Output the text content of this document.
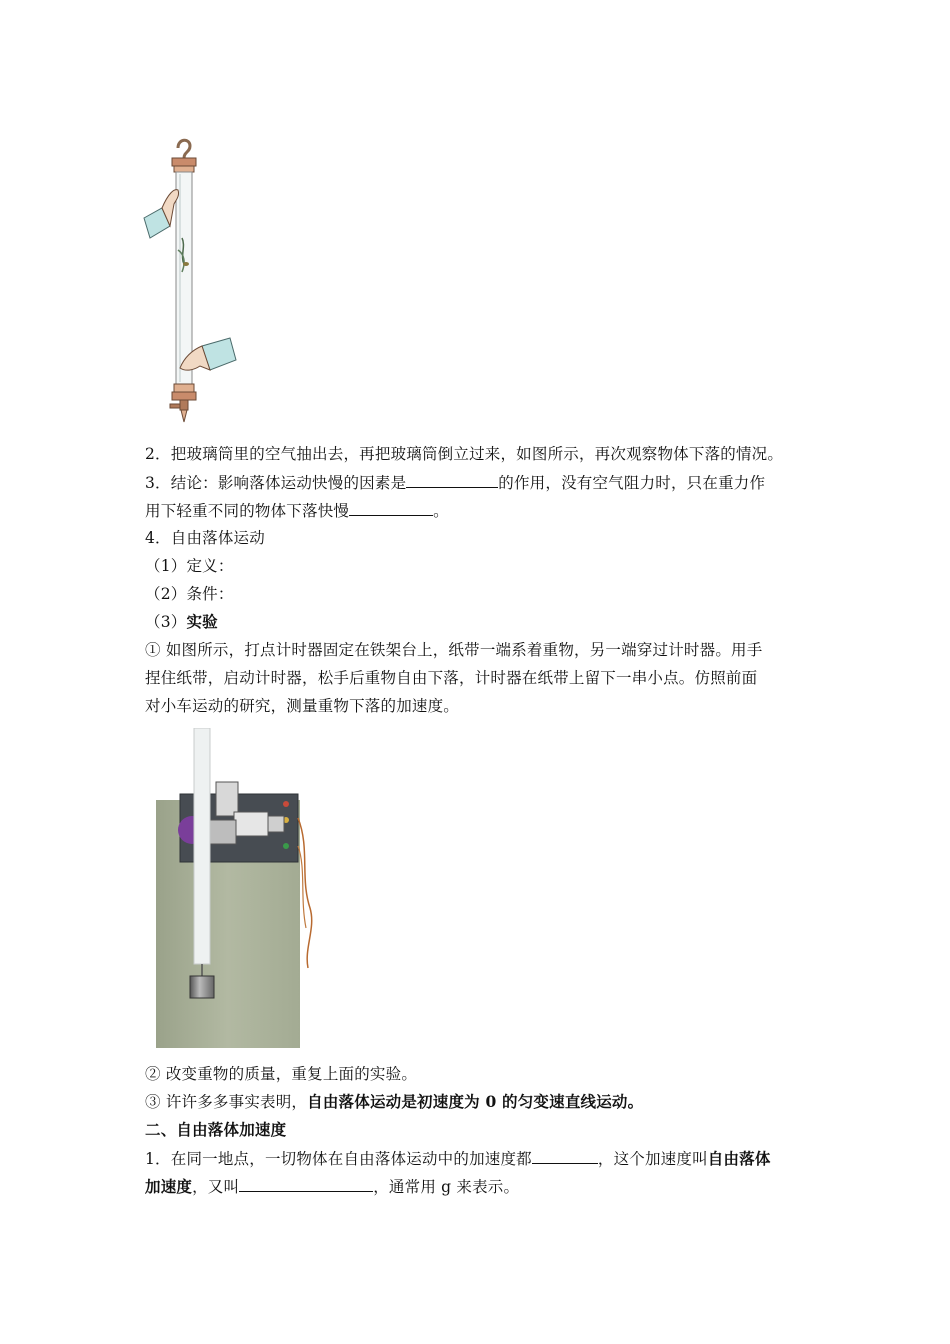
2．把玻璃筒里的空气抽出去，再把玻璃筒倒立过来，如图所示，再次观察物体下落的情况。
3．结论：影响落体运动快慢的因素是	的作用，没有空气阻力时，只在重力作
用下轻重不同的物体下落快慢	。
4．自由落体运动
（1）定义：
（2）条件：
（3）实验
① 如图所示，打点计时器固定在铁架台上，纸带一端系着重物，另一端穿过计时器。用手
捏住纸带，启动计时器，松手后重物自由下落，计时器在纸带上留下一串小点。仿照前面
对小车运动的研究，测量重物下落的加速度。
② 改变重物的质量，重复上面的实验。
③ 许许多多事实表明，自由落体运动是初速度为 0 的匀变速直线运动。
二、自由落体加速度
1．在同一地点，一切物体在自由落体运动中的加速度都	，这个加速度叫自由落体
加速度，又叫	，通常用 g 来表示。
